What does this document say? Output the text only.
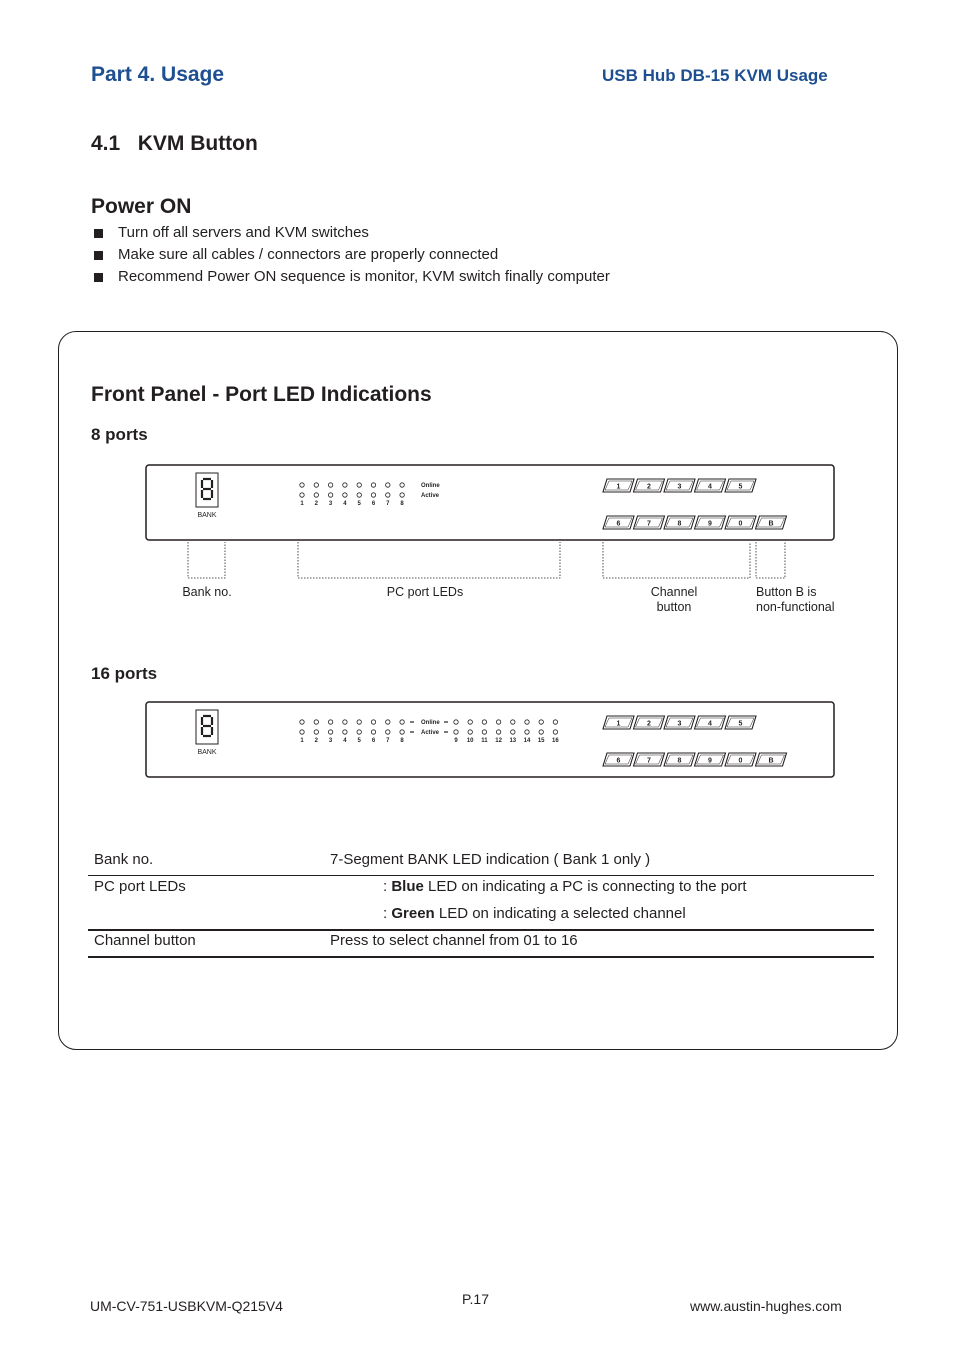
Part 4. Usage	USB Hub DB-15 KVM Usage
4.1   KVM Button
Power ON
Turn off all servers and KVM switches
Make sure all cables / connectors are properly connected
Recommend Power ON sequence is monitor, KVM switch finally computer
Front Panel - Port LED Indications
8 ports
16 ports
BANK
1 2 3 4 5 6 7 8
Online
Active
1	2	3	4	5
6	7	8	9	0	B
BANK
1 2 3 4 5 6 7 8
Online
Active
9 10 11 12 13 14 15 16
1	2	3	4	5
6	7	8	9	0	B
Bank no.	PC port LEDs	Channel
button
Button B is
non-functional
Bank no.	7-Segment BANK LED indication ( Bank 1 only )
PC port LEDs	: Blue LED on indicating a PC is connecting to the port
: Green LED on indicating a selected channel
Channel button	Press to select channel from 01 to 16
UM-CV-751-USBKVM-Q215V4	P.17	www.austin-hughes.com
